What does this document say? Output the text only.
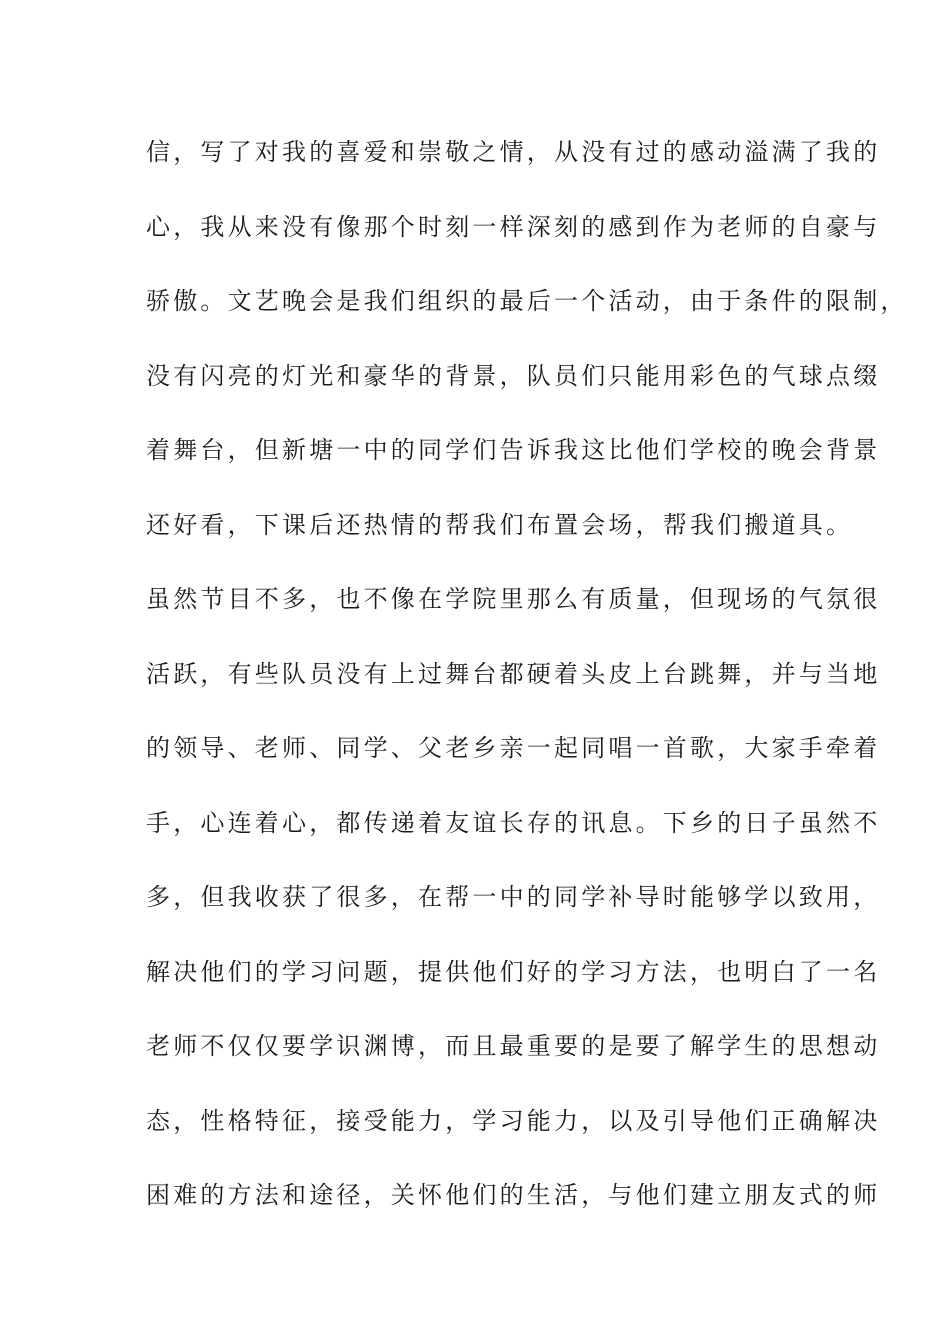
信，写了对我的喜爱和崇敬之情，从没有过的感动溢满了我的
心，我从来没有像那个时刻一样深刻的感到作为老师的自豪与
骄傲。文艺晚会是我们组织的最后一个活动，由于条件的限制，
没有闪亮的灯光和豪华的背景，队员们只能用彩色的气球点缀
着舞台，但新塘一中的同学们告诉我这比他们学校的晚会背景
还好看，下课后还热情的帮我们布置会场，帮我们搬道具。
虽然节目不多，也不像在学院里那么有质量，但现场的气氛很
活跃，有些队员没有上过舞台都硬着头皮上台跳舞，并与当地
的领导、老师、同学、父老乡亲一起同唱一首歌，大家手牵着
手，心连着心，都传递着友谊长存的讯息。下乡的日子虽然不
多，但我收获了很多，在帮一中的同学补导时能够学以致用，
解决他们的学习问题，提供他们好的学习方法，也明白了一名
老师不仅仅要学识渊博，而且最重要的是要了解学生的思想动
态，性格特征，接受能力，学习能力，以及引导他们正确解决
困难的方法和途径，关怀他们的生活，与他们建立朋友式的师
